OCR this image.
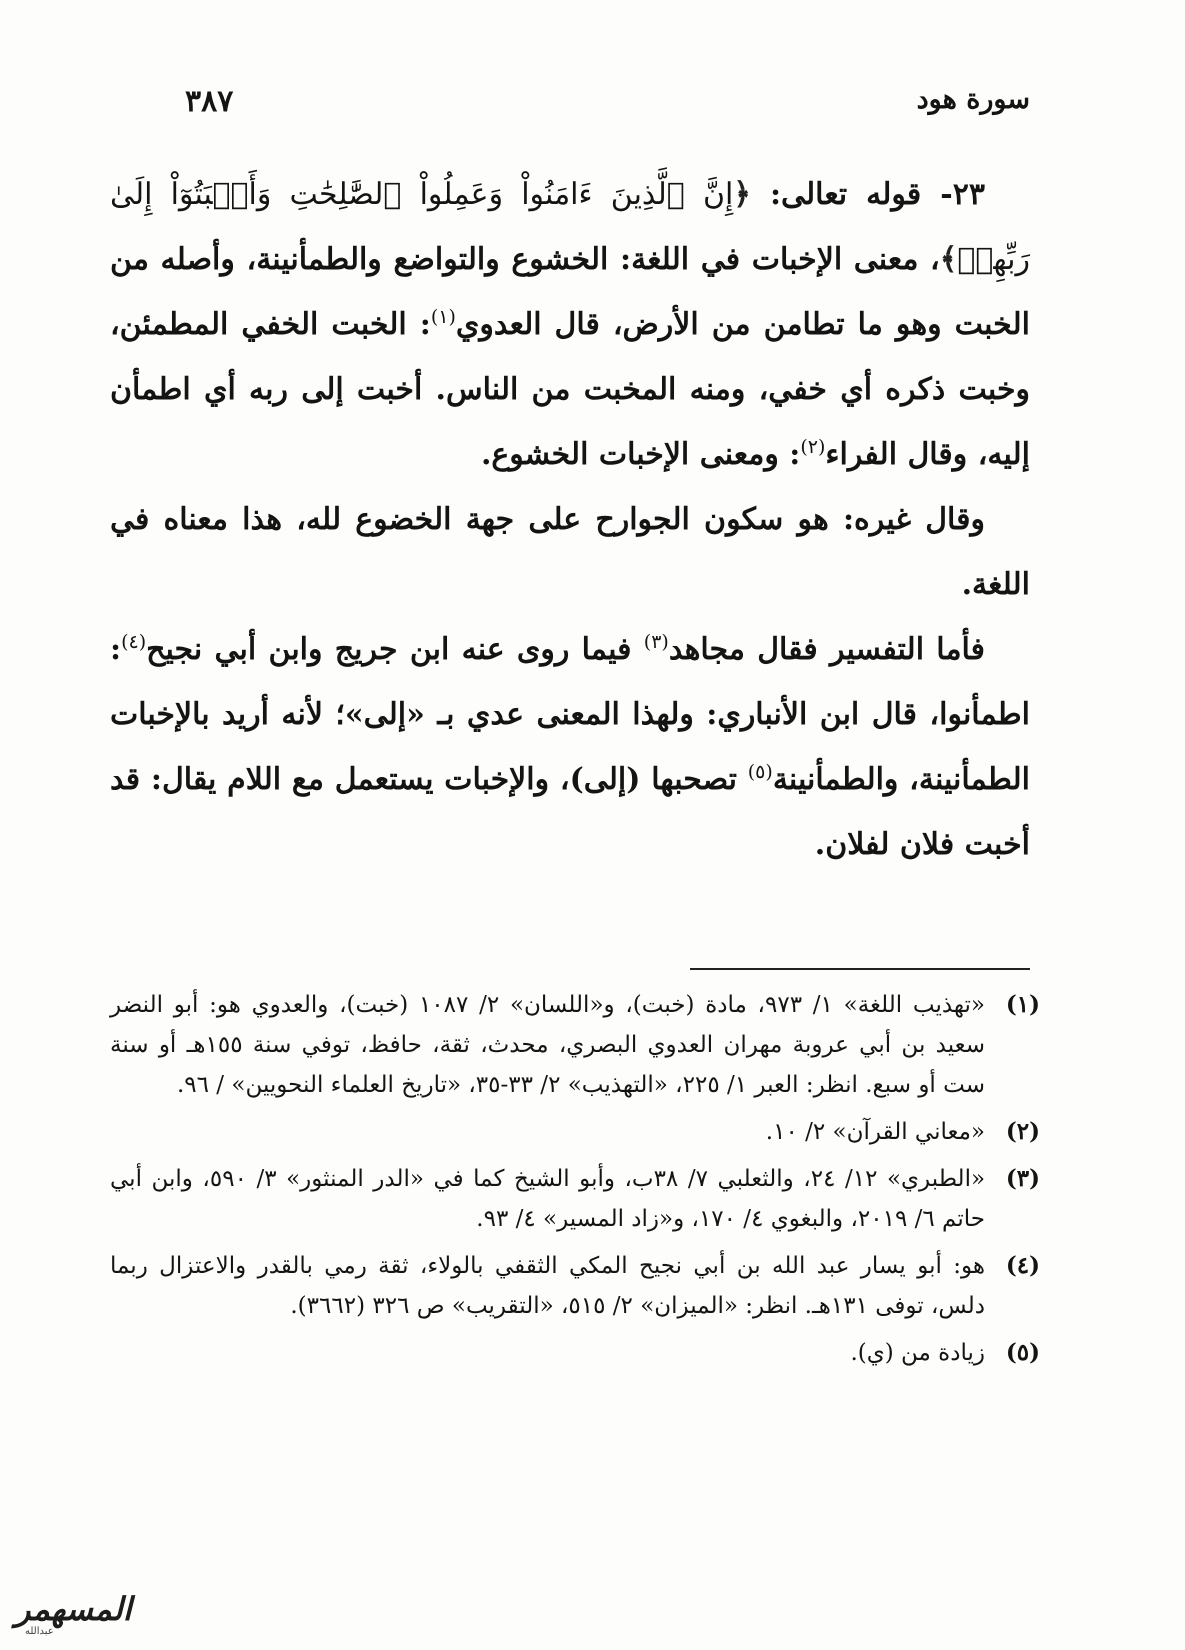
سورة هود
٣٨٧

٢٣- قوله تعالى: ﴿إِنَّ ٱلَّذِينَ ءَامَنُواْ وَعَمِلُواْ ٱلصَّٰلِحَٰتِ وَأَخۡبَتُوٓاْ إِلَىٰ رَبِّهِمۡ﴾، معنى الإخبات في اللغة: الخشوع والتواضع والطمأنينة، وأصله من الخبت وهو ما تطامن من الأرض، قال العدوي$^{(١)}$: الخبت الخفي المطمئن، وخبت ذكره أي خفي، ومنه المخبت من الناس. أخبت إلى ربه أي اطمأن إليه، وقال الفراء$^{(٢)}$: ومعنى الإخبات الخشوع.

وقال غيره: هو سكون الجوارح على جهة الخضوع لله، هذا معناه في اللغة.

فأما التفسير فقال مجاهد$^{(٣)}$ فيما روى عنه ابن جريج وابن أبي نجيح$^{(٤)}$: اطمأنوا، قال ابن الأنباري: ولهذا المعنى عدي بـ «إلى»؛ لأنه أريد بالإخبات الطمأنينة، والطمأنينة$^{(٥)}$ تصحبها (إلى)، والإخبات يستعمل مع اللام يقال: قد أخبت فلان لفلان.

(١)
«تهذيب اللغة» ١/ ٩٧٣، مادة (خبت)، و«اللسان» ٢/ ١٠٨٧ (خبت)، والعدوي هو: أبو النضر سعيد بن أبي عروبة مهران العدوي البصري، محدث، ثقة، حافظ، توفي سنة ١٥٥هـ أو سنة ست أو سبع. انظر: العبر ١/ ٢٢٥، «التهذيب» ٢/ ٣٣-٣٥، «تاريخ العلماء النحويين» / ٩٦.
(٢)
«معاني القرآن» ٢/ ١٠.
(٣)
«الطبري» ١٢/ ٢٤، والثعلبي ٧/ ٣٨ب، وأبو الشيخ كما في «الدر المنثور» ٣/ ٥٩٠، وابن أبي حاتم ٦/ ٢٠١٩، والبغوي ٤/ ١٧٠، و«زاد المسير» ٤/ ٩٣.
(٤)
هو: أبو يسار عبد الله بن أبي نجيح المكي الثقفي بالولاء، ثقة رمي بالقدر والاعتزال ربما دلس، توفى ١٣١هـ. انظر: «الميزان» ٢/ ٥١٥، «التقريب» ص ٣٢٦ (٣٦٦٢).
(٥)
زيادة من (ي).
المسهمر
عبدالله
